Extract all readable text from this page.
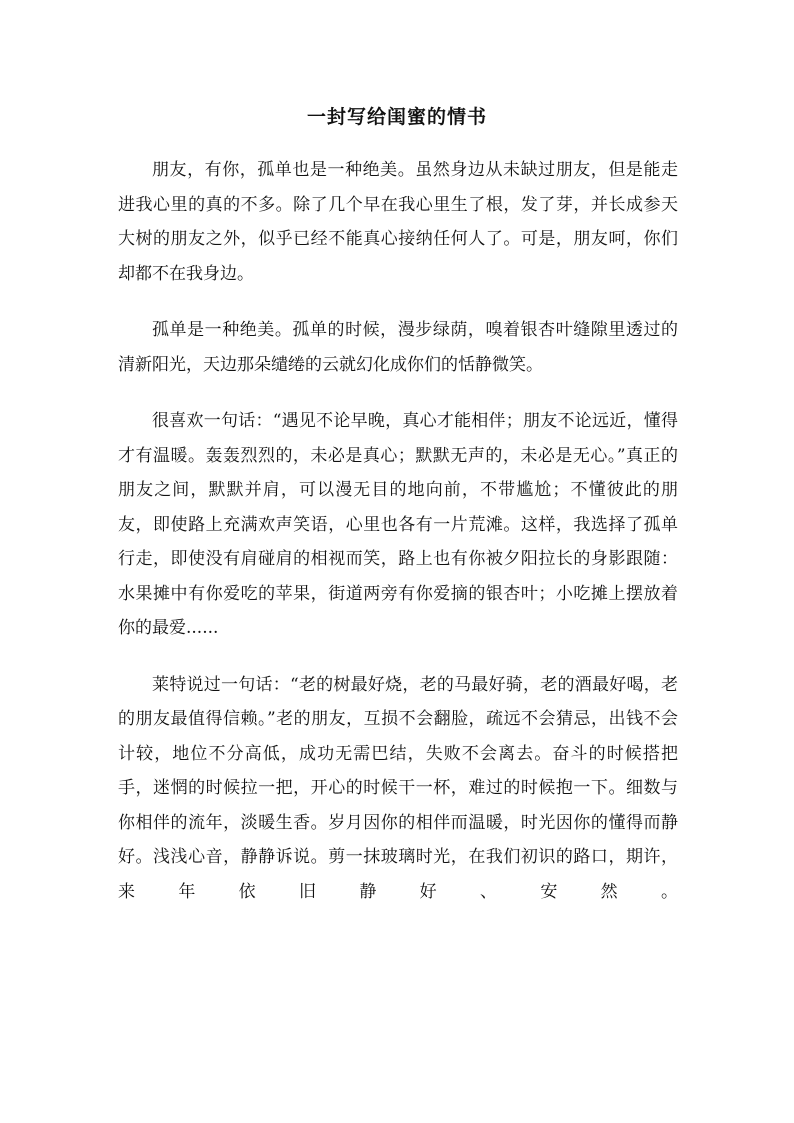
一封写给闺蜜的情书

朋友，有你，孤单也是一种绝美。虽然身边从未缺过朋友，但是能走进我心里的真的不多。除了几个早在我心里生了根，发了芽，并长成参天大树的朋友之外，似乎已经不能真心接纳任何人了。可是，朋友呵，你们却都不在我身边。

孤单是一种绝美。孤单的时候，漫步绿荫，嗅着银杏叶缝隙里透过的清新阳光，天边那朵缱绻的云就幻化成你们的恬静微笑。

很喜欢一句话：“遇见不论早晚，真心才能相伴；朋友不论远近，懂得才有温暖。轰轰烈烈的，未必是真心；默默无声的，未必是无心。”真正的朋友之间，默默并肩，可以漫无目的地向前，不带尴尬；不懂彼此的朋友，即使路上充满欢声笑语，心里也各有一片荒滩。这样，我选择了孤单行走，即使没有肩碰肩的相视而笑，路上也有你被夕阳拉长的身影跟随：水果摊中有你爱吃的苹果，街道两旁有你爱摘的银杏叶；小吃摊上摆放着你的最爱......

莱特说过一句话：“老的树最好烧，老的马最好骑，老的酒最好喝，老的朋友最值得信赖。”老的朋友，互损不会翻脸，疏远不会猜忌，出钱不会计较，地位不分高低，成功无需巴结，失败不会离去。奋斗的时候搭把手，迷惘的时候拉一把，开心的时候干一杯，难过的时候抱一下。细数与你相伴的流年，淡暖生香。岁月因你的相伴而温暖，时光因你的懂得而静好。浅浅心音，静静诉说。剪一抹玻璃时光，在我们初识的路口，期许，来年依旧静好、安然。
